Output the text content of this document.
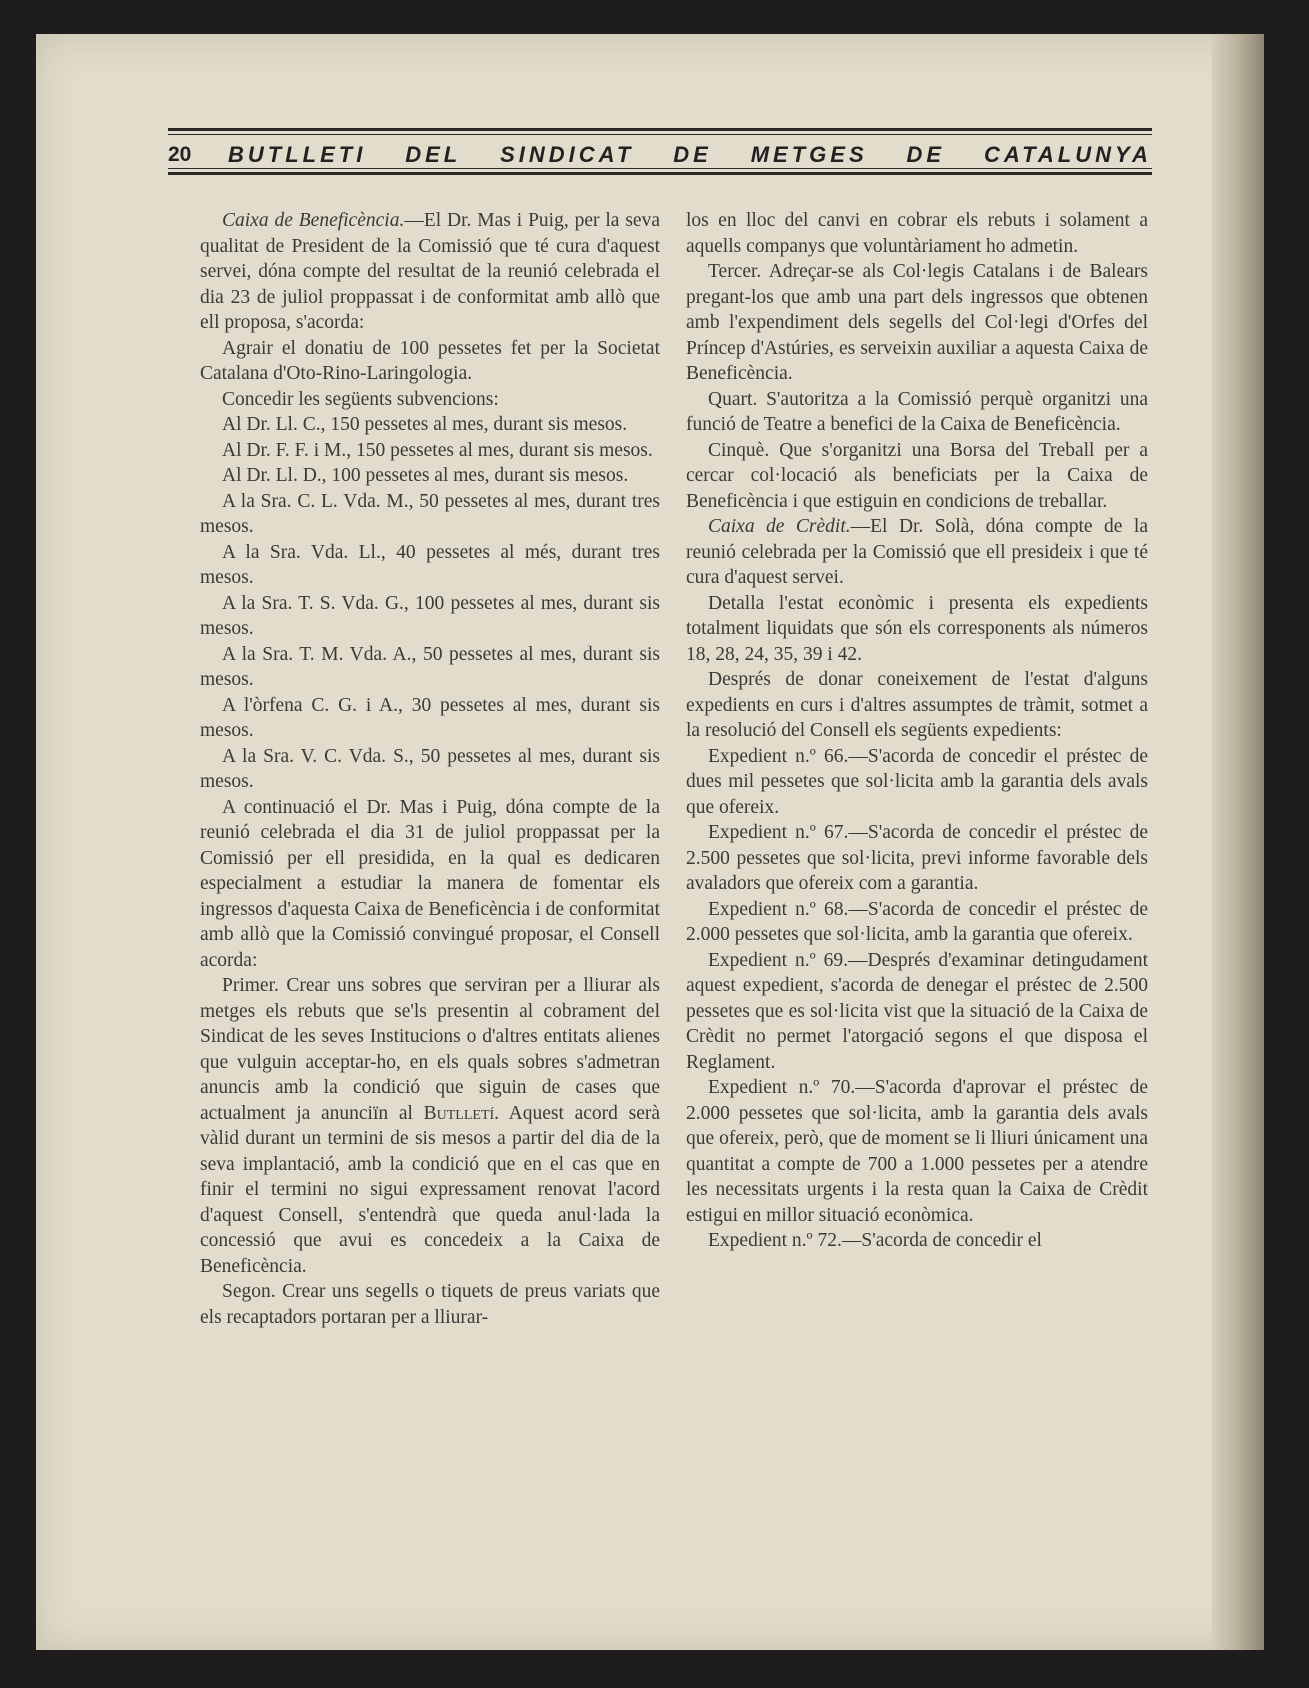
20 BUTLLETI DEL SINDICAT DE METGES DE CATALUNYA

Caixa de Beneficència.—El Dr. Mas i Puig, per la seva qualitat de President de la Comissió que té cura d'aquest servei, dóna compte del resultat de la reunió celebrada el dia 23 de juliol proppassat i de conformitat amb allò que ell proposa, s'acorda:

Agrair el donatiu de 100 pessetes fet per la Societat Catalana d'Oto-Rino-Laringologia.

Concedir les següents subvencions:

Al Dr. Ll. C., 150 pessetes al mes, durant sis mesos.

Al Dr. F. F. i M., 150 pessetes al mes, durant sis mesos.

Al Dr. Ll. D., 100 pessetes al mes, durant sis mesos.

A la Sra. C. L. Vda. M., 50 pessetes al mes, durant tres mesos.

A la Sra. Vda. Ll., 40 pessetes al més, durant tres mesos.

A la Sra. T. S. Vda. G., 100 pessetes al mes, durant sis mesos.

A la Sra. T. M. Vda. A., 50 pessetes al mes, durant sis mesos.

A l'òrfena C. G. i A., 30 pessetes al mes, durant sis mesos.

A la Sra. V. C. Vda. S., 50 pessetes al mes, durant sis mesos.

A continuació el Dr. Mas i Puig, dóna compte de la reunió celebrada el dia 31 de juliol proppassat per la Comissió per ell presidida, en la qual es dedicaren especialment a estudiar la manera de fomentar els ingressos d'aquesta Caixa de Beneficència i de conformitat amb allò que la Comissió convingué proposar, el Consell acorda:

Primer. Crear uns sobres que serviran per a lliurar als metges els rebuts que se'ls presentin al cobrament del Sindicat de les seves Institucions o d'altres entitats alienes que vulguin acceptar-ho, en els quals sobres s'admetran anuncis amb la condició que siguin de cases que actualment ja anunciïn al Butlletí. Aquest acord serà vàlid durant un termini de sis mesos a partir del dia de la seva implantació, amb la condició que en el cas que en finir el termini no sigui expressament renovat l'acord d'aquest Consell, s'entendrà que queda anul·lada la concessió que avui es concedeix a la Caixa de Beneficència.

Segon. Crear uns segells o tiquets de preus variats que els recaptadors portaran per a lliurar-

los en lloc del canvi en cobrar els rebuts i solament a aquells companys que voluntàriament ho admetin.

Tercer. Adreçar-se als Col·legis Catalans i de Balears pregant-los que amb una part dels ingressos que obtenen amb l'expendiment dels segells del Col·legi d'Orfes del Príncep d'Astúries, es serveixin auxiliar a aquesta Caixa de Beneficència.

Quart. S'autoritza a la Comissió perquè organitzi una funció de Teatre a benefici de la Caixa de Beneficència.

Cinquè. Que s'organitzi una Borsa del Treball per a cercar col·locació als beneficiats per la Caixa de Beneficència i que estiguin en condicions de treballar.

Caixa de Crèdit.—El Dr. Solà, dóna compte de la reunió celebrada per la Comissió que ell presideix i que té cura d'aquest servei.

Detalla l'estat econòmic i presenta els expedients totalment liquidats que són els corresponents als números 18, 28, 24, 35, 39 i 42.

Després de donar coneixement de l'estat d'alguns expedients en curs i d'altres assumptes de tràmit, sotmet a la resolució del Consell els següents expedients:

Expedient n.º 66.—S'acorda de concedir el préstec de dues mil pessetes que sol·licita amb la garantia dels avals que ofereix.

Expedient n.º 67.—S'acorda de concedir el préstec de 2.500 pessetes que sol·licita, previ informe favorable dels avaladors que ofereix com a garantia.

Expedient n.º 68.—S'acorda de concedir el préstec de 2.000 pessetes que sol·licita, amb la garantia que ofereix.

Expedient n.º 69.—Després d'examinar detingudament aquest expedient, s'acorda de denegar el préstec de 2.500 pessetes que es sol·licita vist que la situació de la Caixa de Crèdit no permet l'atorgació segons el que disposa el Reglament.

Expedient n.º 70.—S'acorda d'aprovar el préstec de 2.000 pessetes que sol·licita, amb la garantia dels avals que ofereix, però, que de moment se li lliuri únicament una quantitat a compte de 700 a 1.000 pessetes per a atendre les necessitats urgents i la resta quan la Caixa de Crèdit estigui en millor situació econòmica.

Expedient n.º 72.—S'acorda de concedir el
